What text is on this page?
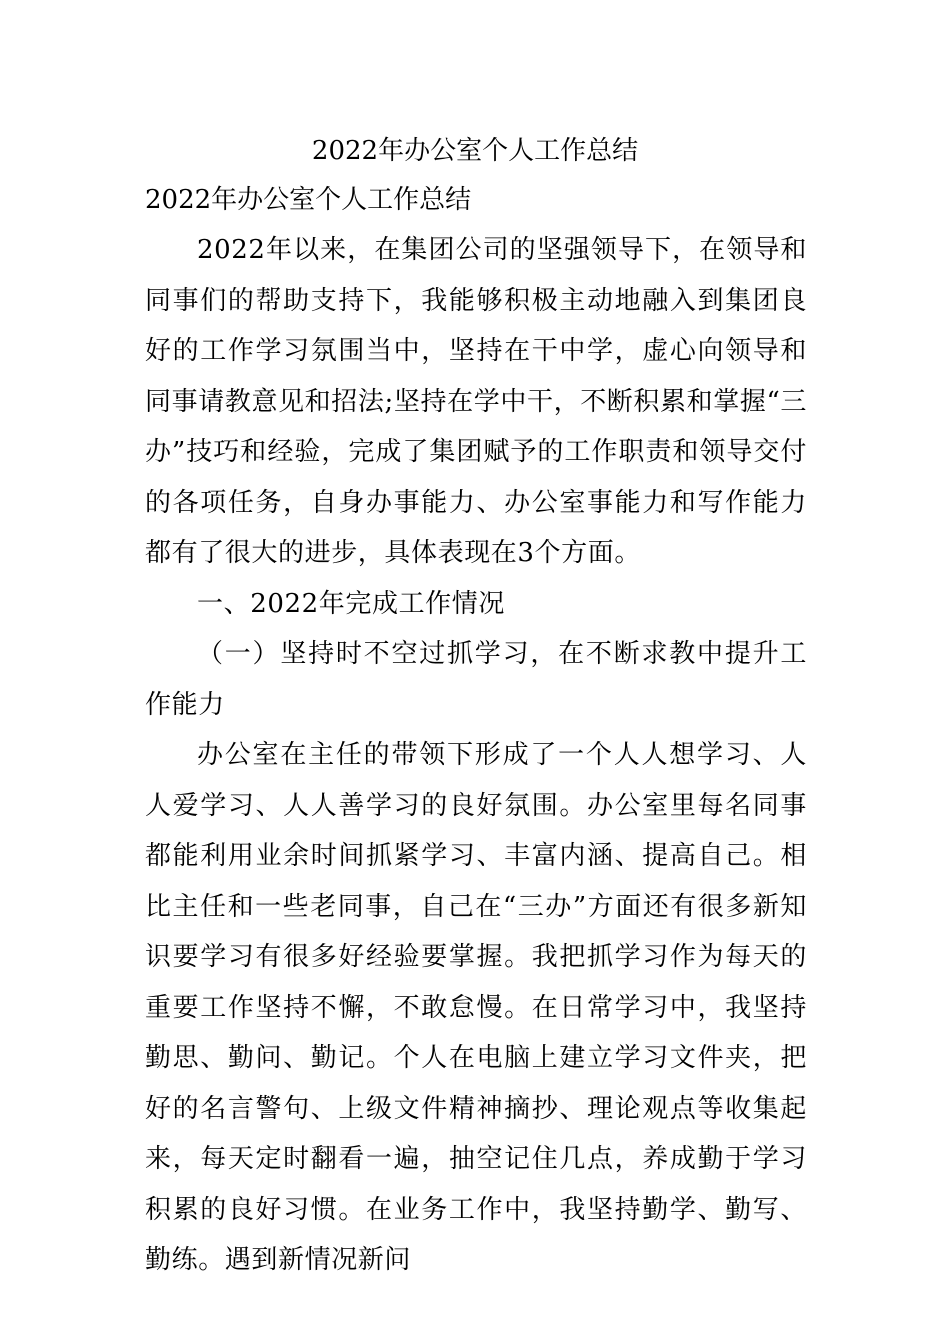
2022年办公室个人工作总结
2022年办公室个人工作总结

2022年以来，在集团公司的坚强领导下，在领导和同事们的帮助支持下，我能够积极主动地融入到集团良好的工作学习氛围当中，坚持在干中学，虚心向领导和同事请教意见和招法;坚持在学中干，不断积累和掌握“三办”技巧和经验，完成了集团赋予的工作职责和领导交付的各项任务，自身办事能力、办公室事能力和写作能力都有了很大的进步，具体表现在3个方面。

一、2022年完成工作情况

（一）坚持时不空过抓学习，在不断求教中提升工作能力

办公室在主任的带领下形成了一个人人想学习、人人爱学习、人人善学习的良好氛围。办公室里每名同事都能利用业余时间抓紧学习、丰富内涵、提高自己。相比主任和一些老同事，自己在“三办”方面还有很多新知识要学习有很多好经验要掌握。我把抓学习作为每天的重要工作坚持不懈，不敢怠慢。在日常学习中，我坚持勤思、勤问、勤记。个人在电脑上建立学习文件夹，把好的名言警句、上级文件精神摘抄、理论观点等收集起来，每天定时翻看一遍，抽空记住几点，养成勤于学习积累的良好习惯。在业务工作中，我坚持勤学、勤写、勤练。遇到新情况新问
